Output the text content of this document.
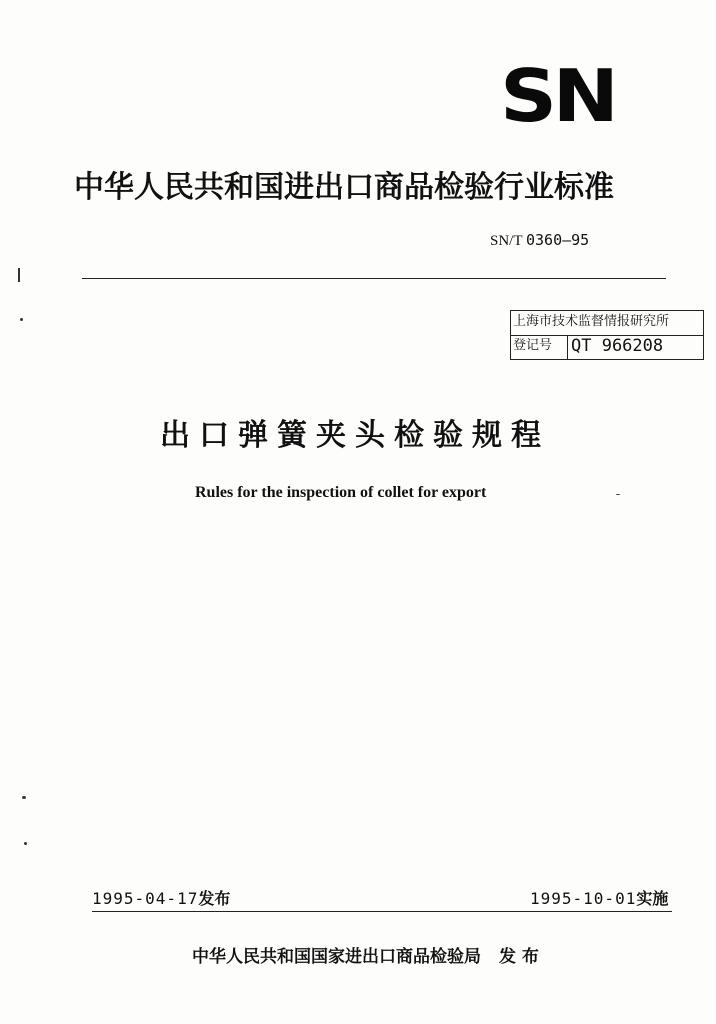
SN
中华人民共和国进出口商品检验行业标准
SN/T 0360—95
上海市技术监督情报研究所
登记号 QT 966208
出口弹簧夹头检验规程
Rules for the inspection of collet for export
1995-04-17发布	1995-10-01实施
中华人民共和国国家进出口商品检验局 发 布
